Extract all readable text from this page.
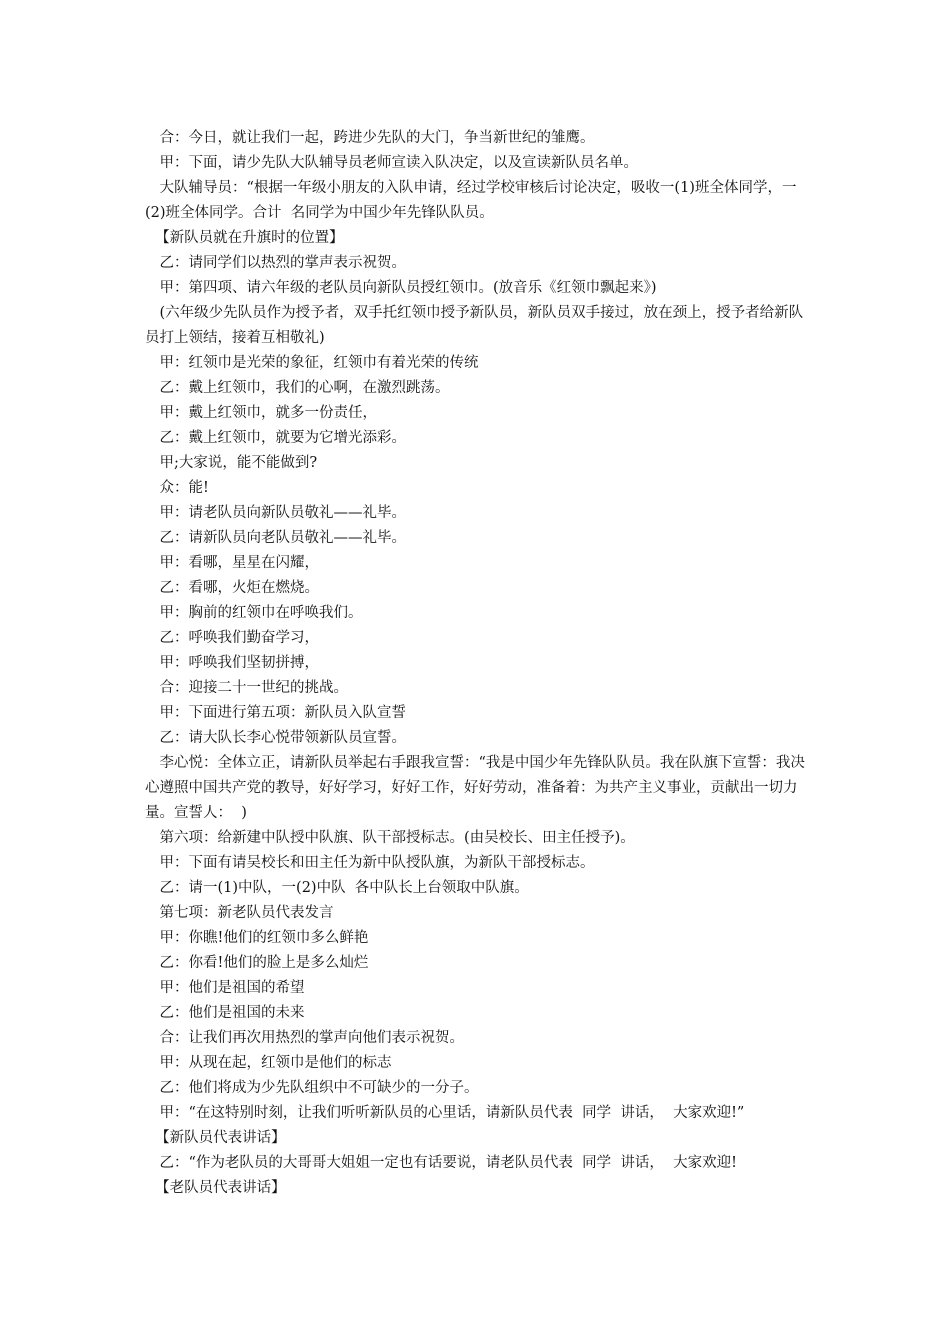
合：今日，就让我们一起，跨进少先队的大门，争当新世纪的雏鹰。

甲：下面，请少先队大队辅导员老师宣读入队决定，以及宣读新队员名单。

大队辅导员：“根据一年级小朋友的入队申请，经过学校审核后讨论决定，吸收一(1)班全体同学，一(2)班全体同学。合计  名同学为中国少年先锋队队员。

【新队员就在升旗时的位置】

乙：请同学们以热烈的掌声表示祝贺。

甲：第四项、请六年级的老队员向新队员授红领巾。(放音乐《红领巾飘起来》)

(六年级少先队员作为授予者，双手托红领巾授予新队员，新队员双手接过，放在颈上，授予者给新队员打上领结，接着互相敬礼)

甲：红领巾是光荣的象征，红领巾有着光荣的传统

乙：戴上红领巾，我们的心啊，在激烈跳荡。

甲：戴上红领巾，就多一份责任，

乙：戴上红领巾，就要为它增光添彩。

甲;大家说，能不能做到?

众：能!

甲：请老队员向新队员敬礼——礼毕。

乙：请新队员向老队员敬礼——礼毕。

甲：看哪，星星在闪耀，

乙：看哪，火炬在燃烧。

甲：胸前的红领巾在呼唤我们。

乙：呼唤我们勤奋学习，

甲：呼唤我们坚韧拼搏，

合：迎接二十一世纪的挑战。

甲：下面进行第五项：新队员入队宣誓

乙：请大队长李心悦带领新队员宣誓。

李心悦：全体立正，请新队员举起右手跟我宣誓：“我是中国少年先锋队队员。我在队旗下宣誓：我决心遵照中国共产党的教导，好好学习，好好工作，好好劳动，准备着：为共产主义事业，贡献出一切力量。宣誓人：  )

第六项：给新建中队授中队旗、队干部授标志。(由吴校长、田主任授予)。

甲：下面有请吴校长和田主任为新中队授队旗，为新队干部授标志。

乙：请一(1)中队，一(2)中队  各中队长上台领取中队旗。

第七项：新老队员代表发言

甲：你瞧!他们的红领巾多么鲜艳

乙：你看!他们的脸上是多么灿烂

甲：他们是祖国的希望

乙：他们是祖国的未来

合：让我们再次用热烈的掌声向他们表示祝贺。

甲：从现在起，红领巾是他们的标志

乙：他们将成为少先队组织中不可缺少的一分子。

甲：“在这特别时刻，让我们听听新队员的心里话，请新队员代表  同学  讲话，  大家欢迎!”

【新队员代表讲话】

乙：“作为老队员的大哥哥大姐姐一定也有话要说，请老队员代表  同学  讲话，  大家欢迎!

【老队员代表讲话】
